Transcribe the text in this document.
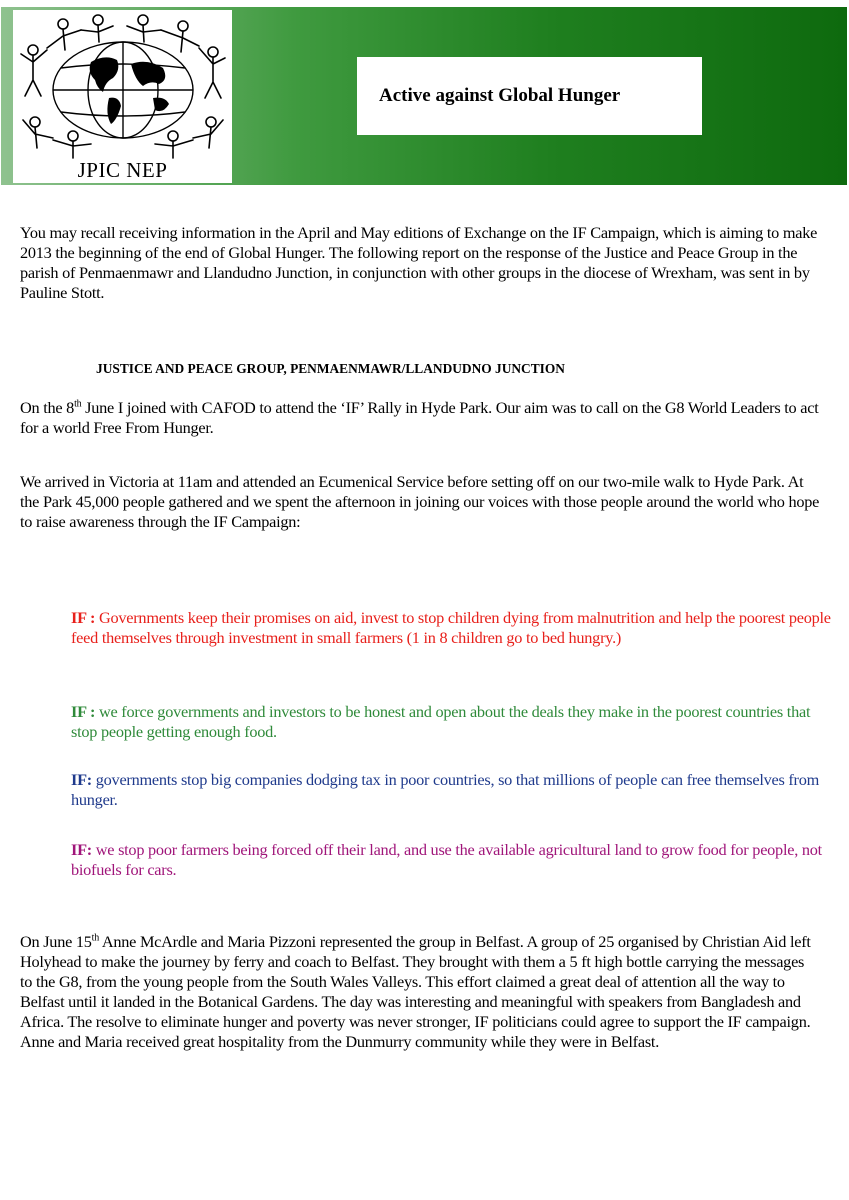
JPIC NEP
Active against Global Hunger

You may recall receiving information in the April and May editions of Exchange on the IF Campaign, which is aiming to make 2013 the beginning of the end of Global Hunger. The following report on the response of the Justice and Peace Group in the parish of Penmaenmawr and Llandudno Junction, in conjunction with other groups in the diocese of Wrexham, was sent in by Pauline Stott.

JUSTICE AND PEACE GROUP, PENMAENMAWR/LLANDUDNO JUNCTION

On the 8th June I joined with CAFOD to attend the ‘IF’ Rally in Hyde Park. Our aim was to call on the G8 World Leaders to act for a world Free From Hunger.

We arrived in Victoria at 11am and attended an Ecumenical Service before setting off on our two-mile walk to Hyde Park. At the Park 45,000 people gathered and we spent the afternoon in joining our voices with those people around the world who hope to raise awareness through the IF Campaign:

IF : Governments keep their promises on aid, invest to stop children dying from malnutrition and help the poorest people feed themselves through investment in small farmers (1 in 8 children go to bed hungry.)

IF : we force governments and investors to be honest and open about the deals they make in the poorest countries that stop people getting enough food.

IF: governments stop big companies dodging tax in poor countries, so that millions of people can free themselves from hunger.

IF: we stop poor farmers being forced off their land, and use the available agricultural land to grow food for people, not biofuels for cars.

On June 15th Anne McArdle and Maria Pizzoni represented the group in Belfast. A group of 25 organised by Christian Aid left Holyhead to make the journey by ferry and coach to Belfast. They brought with them a 5 ft high bottle carrying the messages to the G8, from the young people from the South Wales Valleys. This effort claimed a great deal of attention all the way to Belfast until it landed in the Botanical Gardens. The day was interesting and meaningful with speakers from Bangladesh and Africa. The resolve to eliminate hunger and poverty was never stronger, IF politicians could agree to support the IF campaign.
Anne and Maria received great hospitality from the Dunmurry community while they were in Belfast.
